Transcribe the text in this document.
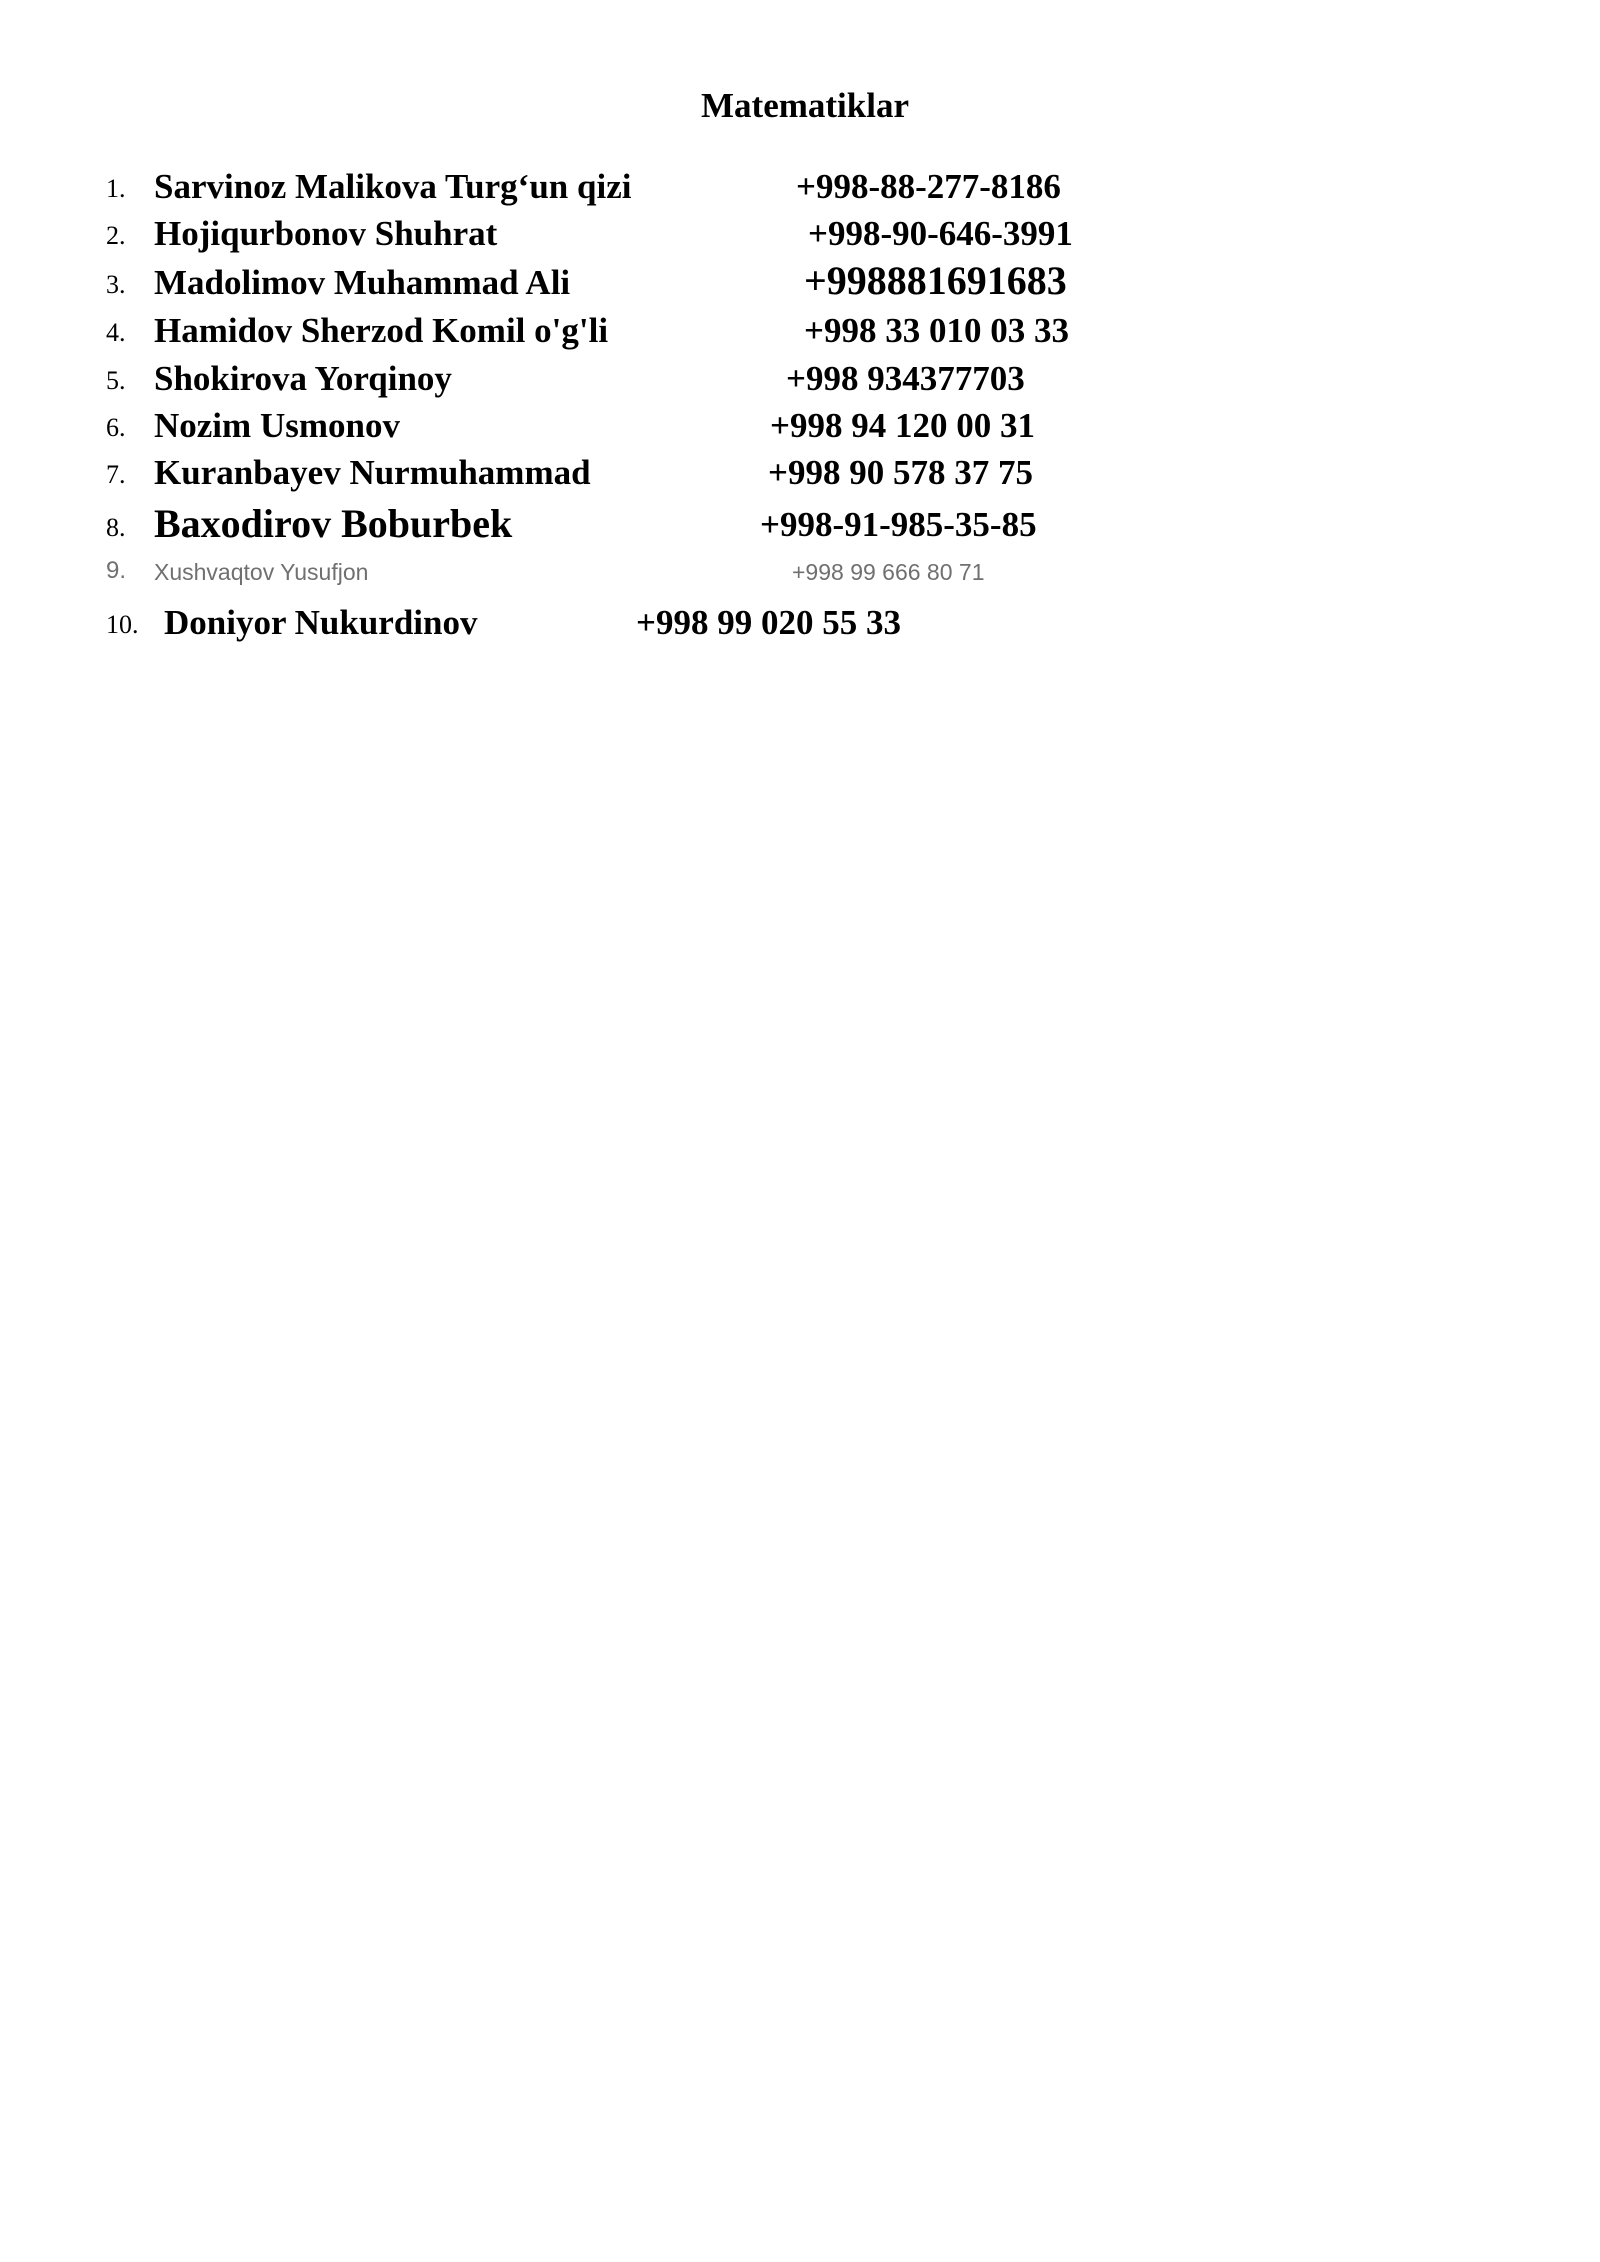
Matematiklar
1. Sarvinoz Malikova Turg‘un qizi	+998-88-277-8186
2. Hojiqurbonov Shuhrat	+998-90-646-3991
3. Madolimov Muhammad Ali	+998881691683
4. Hamidov Sherzod Komil o'g'li	+998 33 010 03 33
5. Shokirova Yorqinoy	+998 934377703
6. Nozim Usmonov	+998 94 120 00 31
7. Kuranbayev Nurmuhammad	+998 90 578 37 75
8. Baxodirov Boburbek	+998-91-985-35-85
9. Xushvaqtov Yusufjon	+998 99 666 80 71
10. Doniyor Nukurdinov	+998 99 020 55 33
